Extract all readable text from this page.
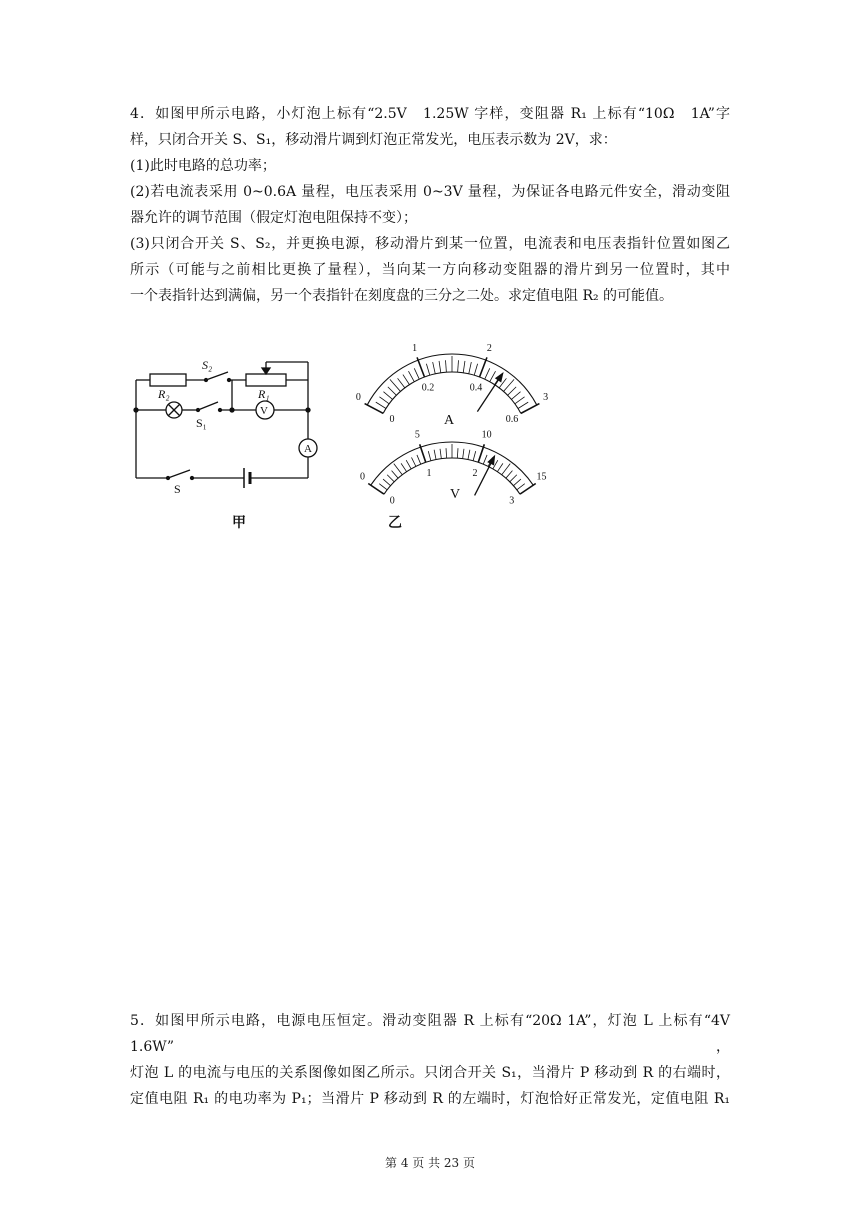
4．如图甲所示电路，小灯泡上标有“2.5V　1.25W 字样，变阻器 R₁ 上标有“10Ω　1A”字
样，只闭合开关 S、S₁，移动滑片调到灯泡正常发光，电压表示数为 2V，求：
(1)此时电路的总功率；
(2)若电流表采用 0~0.6A 量程，电压表采用 0~3V 量程，为保证各电路元件安全，滑动变阻
器允许的调节范围（假定灯泡电阻保持不变）；
(3)只闭合开关 S、S₂，并更换电源，移动滑片到某一位置，电流表和电压表指针位置如图乙
所示（可能与之前相比更换了量程），当向某一方向移动变阻器的滑片到另一位置时，其中
一个表指针达到满偏，另一个表指针在刻度盘的三分之二处。求定值电阻 R₂ 的可能值。
S₂
R₂	R₁
S₁
V
A
S
甲
0
1	2
3
0
0.2	0.4
0.6
0
5	10
15
0
1	2
3
A
V
乙
5．如图甲所示电路，电源电压恒定。滑动变阻器 R 上标有“20Ω 1A”，灯泡 L 上标有“4V 1.6W”，
灯泡 L 的电流与电压的关系图像如图乙所示。只闭合开关 S₁，当滑片 P 移动到 R 的右端时，
定值电阻 R₁ 的电功率为 P₁；当滑片 P 移动到 R 的左端时，灯泡恰好正常发光，定值电阻 R₁
第 4 页 共 23 页
